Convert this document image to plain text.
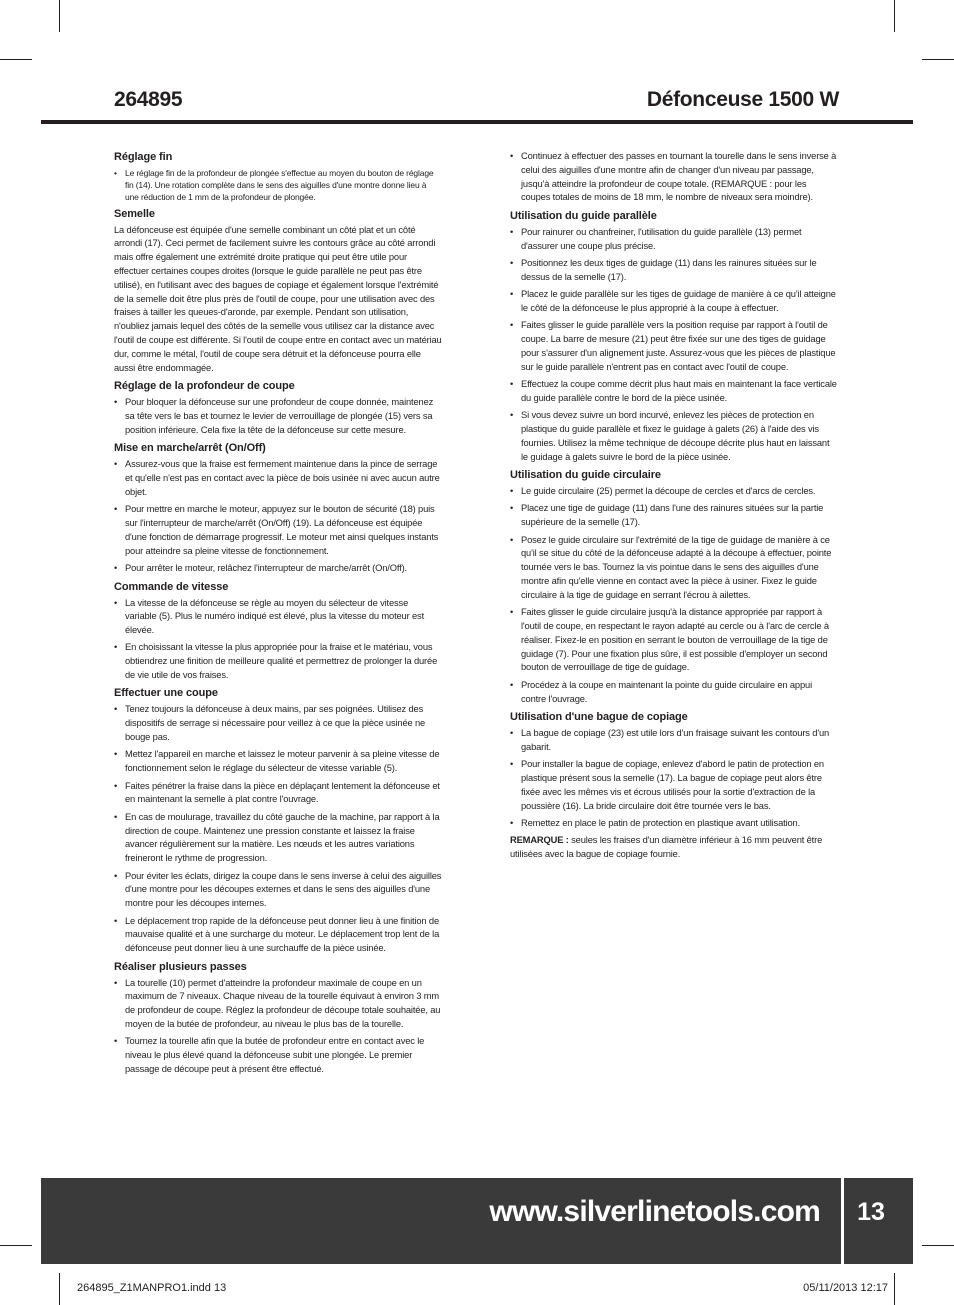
264895	Défonceuse 1500 W
Réglage fin
• Le réglage fin de la profondeur de plongée s'effectue au moyen du bouton de réglage fin (14). Une rotation complète dans le sens des aiguilles d'une montre donne lieu à une réduction de 1 mm de la profondeur de plongée.
Semelle

La défonceuse est équipée d'une semelle combinant un côté plat et un côté arrondi (17). Ceci permet de facilement suivre les contours grâce au côté arrondi mais offre également une extrémité droite pratique qui peut être utile pour effectuer certaines coupes droites (lorsque le guide parallèle ne peut pas être utilisé), en l'utilisant avec des bagues de copiage et également lorsque l'extrémité de la semelle doit être plus près de l'outil de coupe, pour une utilisation avec des fraises à tailler les queues-d'aronde, par exemple. Pendant son utilisation, n'oubliez jamais lequel des côtés de la semelle vous utilisez car la distance avec l'outil de coupe est différente. Si l'outil de coupe entre en contact avec un matériau dur, comme le métal, l'outil de coupe sera détruit et la défonceuse pourra elle aussi être endommagée.

Réglage de la profondeur de coupe
• Pour bloquer la défonceuse sur une profondeur de coupe donnée, maintenez sa tête vers le bas et tournez le levier de verrouillage de plongée (15) vers sa position inférieure. Cela fixe la tête de la défonceuse sur cette mesure.
Mise en marche/arrêt (On/Off)
• Assurez-vous que la fraise est fermement maintenue dans la pince de serrage et qu'elle n'est pas en contact avec la pièce de bois usinée ni avec aucun autre objet.
• Pour mettre en marche le moteur, appuyez sur le bouton de sécurité (18) puis sur l'interrupteur de marche/arrêt (On/Off) (19). La défonceuse est équipée d'une fonction de démarrage progressif. Le moteur met ainsi quelques instants pour atteindre sa pleine vitesse de fonctionnement.
• Pour arrêter le moteur, relâchez l'interrupteur de marche/arrêt (On/Off).
Commande de vitesse
• La vitesse de la défonceuse se règle au moyen du sélecteur de vitesse variable (5). Plus le numéro indiqué est élevé, plus la vitesse du moteur est élevée.
• En choisissant la vitesse la plus appropriée pour la fraise et le matériau, vous obtiendrez une finition de meilleure qualité et permettrez de prolonger la durée de vie utile de vos fraises.
Effectuer une coupe
• Tenez toujours la défonceuse à deux mains, par ses poignées. Utilisez des dispositifs de serrage si nécessaire pour veillez à ce que la pièce usinée ne bouge pas.
• Mettez l'appareil en marche et laissez le moteur parvenir à sa pleine vitesse de fonctionnement selon le réglage du sélecteur de vitesse variable (5).
• Faites pénétrer la fraise dans la pièce en déplaçant lentement la défonceuse et en maintenant la semelle à plat contre l'ouvrage.
• En cas de moulurage, travaillez du côté gauche de la machine, par rapport à la direction de coupe. Maintenez une pression constante et laissez la fraise avancer régulièrement sur la matière. Les nœuds et les autres variations freineront le rythme de progression.
• Pour éviter les éclats, dirigez la coupe dans le sens inverse à celui des aiguilles d'une montre pour les découpes externes et dans le sens des aiguilles d'une montre pour les découpes internes.
• Le déplacement trop rapide de la défonceuse peut donner lieu à une finition de mauvaise qualité et à une surcharge du moteur. Le déplacement trop lent de la défonceuse peut donner lieu à une surchauffe de la pièce usinée.
Réaliser plusieurs passes
• La tourelle (10) permet d'atteindre la profondeur maximale de coupe en un maximum de 7 niveaux. Chaque niveau de la tourelle équivaut à environ 3 mm de profondeur de coupe. Réglez la profondeur de découpe totale souhaitée, au moyen de la butée de profondeur, au niveau le plus bas de la tourelle.
• Tournez la tourelle afin que la butée de profondeur entre en contact avec le niveau le plus élevé quand la défonceuse subit une plongée. Le premier passage de découpe peut à présent être effectué.
• Continuez à effectuer des passes en tournant la tourelle dans le sens inverse à celui des aiguilles d'une montre afin de changer d'un niveau par passage, jusqu'à atteindre la profondeur de coupe totale. (REMARQUE : pour les coupes totales de moins de 18 mm, le nombre de niveaux sera moindre).
Utilisation du guide parallèle
• Pour rainurer ou chanfreiner, l'utilisation du guide parallèle (13) permet d'assurer une coupe plus précise.
• Positionnez les deux tiges de guidage (11) dans les rainures situées sur le dessus de la semelle (17).
• Placez le guide parallèle sur les tiges de guidage de manière à ce qu'il atteigne le côté de la défonceuse le plus approprié à la coupe à effectuer.
• Faites glisser le guide parallèle vers la position requise par rapport à l'outil de coupe. La barre de mesure (21) peut être fixée sur une des tiges de guidage pour s'assurer d'un alignement juste. Assurez-vous que les pièces de plastique sur le guide parallèle n'entrent pas en contact avec l'outil de coupe.
• Effectuez la coupe comme décrit plus haut mais en maintenant la face verticale du guide parallèle contre le bord de la pièce usinée.
• Si vous devez suivre un bord incurvé, enlevez les pièces de protection en plastique du guide parallèle et fixez le guidage à galets (26) à l'aide des vis fournies. Utilisez la même technique de découpe décrite plus haut en laissant le guidage à galets suivre le bord de la pièce usinée.
Utilisation du guide circulaire
• Le guide circulaire (25) permet la découpe de cercles et d'arcs de cercles.
• Placez une tige de guidage (11) dans l'une des rainures situées sur la partie supérieure de la semelle (17).
• Posez le guide circulaire sur l'extrémité de la tige de guidage de manière à ce qu'il se situe du côté de la défonceuse adapté à la découpe à effectuer, pointe tournée vers le bas. Tournez la vis pointue dans le sens des aiguilles d'une montre afin qu'elle vienne en contact avec la pièce à usiner. Fixez le guide circulaire à la tige de guidage en serrant l'écrou à ailettes.
• Faites glisser le guide circulaire jusqu'à la distance appropriée par rapport à l'outil de coupe, en respectant le rayon adapté au cercle ou à l'arc de cercle à réaliser. Fixez-le en position en serrant le bouton de verrouillage de la tige de guidage (7). Pour une fixation plus sûre, il est possible d'employer un second bouton de verrouillage de tige de guidage.
• Procédez à la coupe en maintenant la pointe du guide circulaire en appui contre l'ouvrage.
Utilisation d'une bague de copiage
• La bague de copiage (23) est utile lors d'un fraisage suivant les contours d'un gabarit.
• Pour installer la bague de copiage, enlevez d'abord le patin de protection en plastique présent sous la semelle (17). La bague de copiage peut alors être fixée avec les mêmes vis et écrous utilisés pour la sortie d'extraction de la poussière (16). La bride circulaire doit être tournée vers le bas.
• Remettez en place le patin de protection en plastique avant utilisation.

REMARQUE : seules les fraises d'un diamètre inférieur à 16 mm peuvent être utilisées avec la bague de copiage fournie.

www.silverlinetools.com	13
264895_Z1MANPRO1.indd 13	05/11/2013 12:17
